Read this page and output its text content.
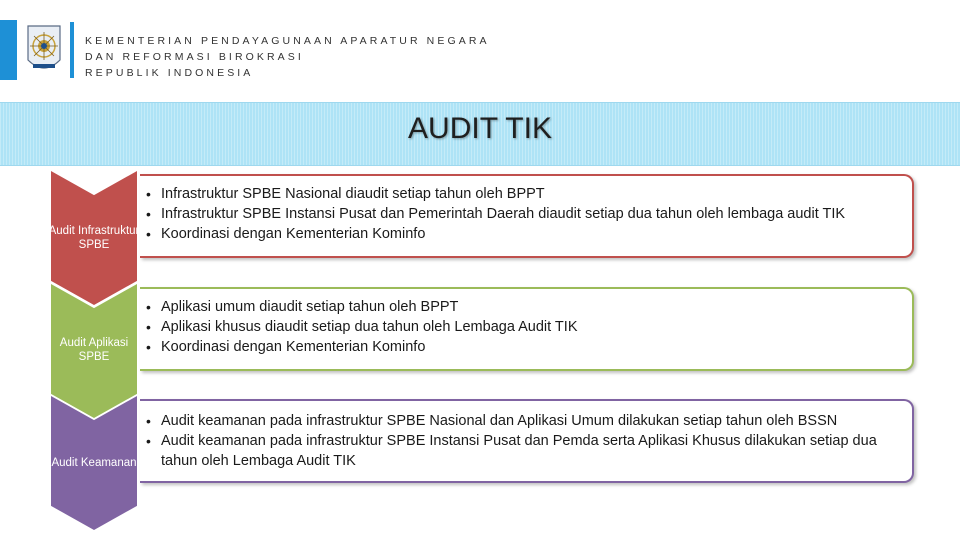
KEMENTERIAN PENDAYAGUNAAN APARATUR NEGARA
DAN REFORMASI BIROKRASI
REPUBLIK INDONESIA
AUDIT TIK
Audit Infrastruktur SPBE
• Infrastruktur SPBE Nasional diaudit setiap tahun oleh BPPT
• Infrastruktur SPBE Instansi Pusat dan Pemerintah Daerah diaudit setiap dua tahun oleh lembaga audit TIK
• Koordinasi dengan Kementerian Kominfo
Audit Aplikasi SPBE
• Aplikasi umum diaudit setiap tahun oleh BPPT
• Aplikasi khusus diaudit setiap dua tahun oleh Lembaga Audit TIK
• Koordinasi dengan Kementerian Kominfo
Audit Keamanan
• Audit keamanan pada infrastruktur SPBE Nasional dan Aplikasi Umum dilakukan setiap tahun oleh BSSN
• Audit keamanan pada infrastruktur SPBE Instansi Pusat dan Pemda serta Aplikasi Khusus dilakukan setiap dua tahun oleh Lembaga Audit TIK
